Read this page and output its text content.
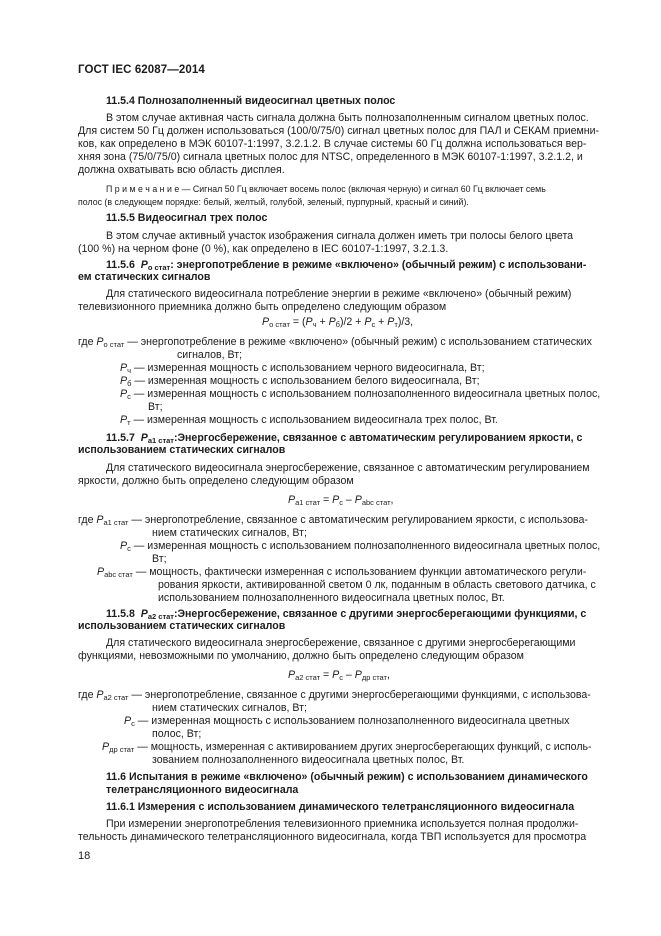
ГОСТ IEC 62087—2014
11.5.4 Полнозаполненный видеосигнал цветных полос
В этом случае активная часть сигнала должна быть полнозаполненным сигналом цветных полос.
Для систем 50 Гц должен использоваться (100/0/75/0) сигнал цветных полос для ПАЛ и СЕКАМ приемни-
ков, как определено в МЭК 60107-1:1997, 3.2.1.2. В случае системы 60 Гц должна использоваться вер-
хняя зона (75/0/75/0) сигнала цветных полос для NTSC, определенного в МЭК 60107-1:1997, 3.2.1.2, и
должна охватывать всю область дисплея.
П р и м е ч а н и е — Сигнал 50 Гц включает восемь полос (включая черную) и сигнал 60 Гц включает семь
полос (в следующем порядке: белый, желтый, голубой, зеленый, пурпурный, красный и синий).
11.5.5 Видеосигнал трех полос
В этом случае активный участок изображения сигнала должен иметь три полосы белого цвета
(100 %) на черном фоне (0 %), как определено в IEC 60107-1:1997, 3.2.1.3.
11.5.6 $P_{о стат}$: энергопотребление в режиме «включено» (обычный режим) с использовани-
ем статических сигналов
Для статического видеосигнала потребление энергии в режиме «включено» (обычный режим)
телевизионного приемника должно быть определено следующим образом
$P_{о стат} = (P_ч + P_б)/2 + P_с + P_т)/3$,
где $P_{о стат}$ — энергопотребление в режиме «включено» (обычный режим) с использованием статических
сигналов, Вт;
$P_ч$ — измеренная мощность с использованием черного видеосигнала, Вт;
$P_б$ — измеренная мощность с использованием белого видеосигнала, Вт;
$P_с$ — измеренная мощность с использованием полнозаполненного видеосигнала цветных полос,
Вт;
$P_т$ — измеренная мощность с использованием видеосигнала трех полос, Вт.
11.5.7 $P_{а1 стат}:Энергосбережение$, связанное с автоматическим регулированием яркости, с
использованием статических сигналов
Для статического видеосигнала энергосбережение, связанное с автоматическим регулированием
яркости, должно быть определено следующим образом
$P_{а1 стат} = P_с - P_{abc стат}$,
где $P_{а1 стат}$ — энергопотребление, связанное с автоматическим регулированием яркости, с использова-
нием статических сигналов, Вт;
$P_с$ — измеренная мощность с использованием полнозаполненного видеосигнала цветных полос,
Вт;
$P_{abc стат}$ — мощность, фактически измеренная с использованием функции автоматического регули-
рования яркости, активированной светом 0 лк, поданным в область светового датчика, с
использованием полнозаполненного видеосигнала цветных полос, Вт.
11.5.8 $P_{а2 стат}:Энергосбережение$, связанное с другими энергосберегающими функциями, с
использованием статических сигналов
Для статического видеосигнала энергосбережение, связанное с другими энергосберегающими
функциями, невозможными по умолчанию, должно быть определено следующим образом
$P_{а2 стат} = P_с - P_{др стат}$,
где $P_{а2 стат}$ — энергопотребление, связанное с другими энергосберегающими функциями, с использова-
нием статических сигналов, Вт;
$P_с$ — измеренная мощность с использованием полнозаполненного видеосигнала цветных
полос, Вт;
$P_{др стат}$ — мощность, измеренная с активированием других энергосберегающих функций, с исполь-
зованием полнозаполненного видеосигнала цветных полос, Вт.
11.6 Испытания в режиме «включено» (обычный режим) с использованием динамического
телетрансляционного видеосигнала
11.6.1 Измерения с использованием динамического телетрансляционного видеосигнала
При измерении энергопотребления телевизионного приемника используется полная продолжи-
тельность динамического телетрансляционного видеосигнала, когда ТВП используется для просмотра
18
